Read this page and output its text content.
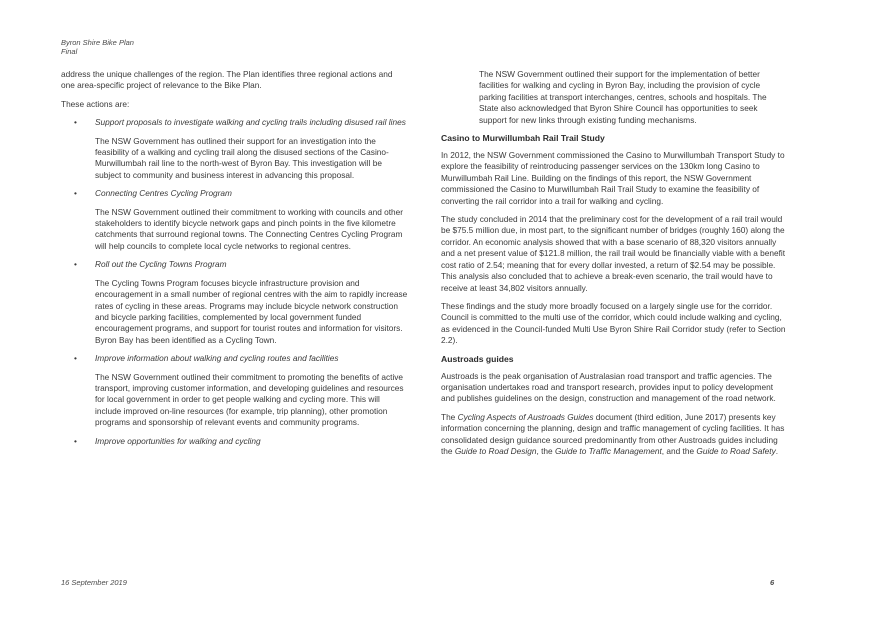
Byron Shire Bike Plan
Final

address the unique challenges of the region. The Plan identifies three regional actions and one area-specific project of relevance to the Bike Plan.

These actions are:

• Support proposals to investigate walking and cycling trails including disused rail lines

The NSW Government has outlined their support for an investigation into the feasibility of a walking and cycling trail along the disused sections of the Casino-Murwillumbah rail line to the north-west of Byron Bay. This investigation will be subject to community and business interest in advancing this proposal.

• Connecting Centres Cycling Program

The NSW Government outlined their commitment to working with councils and other stakeholders to identify bicycle network gaps and pinch points in the five kilometre catchments that surround regional towns. The Connecting Centres Cycling Program will help councils to complete local cycle networks to regional centres.

• Roll out the Cycling Towns Program

The Cycling Towns Program focuses bicycle infrastructure provision and encouragement in a small number of regional centres with the aim to rapidly increase rates of cycling in these areas. Programs may include bicycle network construction and bicycle parking facilities, complemented by local government funded encouragement programs, and support for tourist routes and information for visitors. Byron Bay has been identified as a Cycling Town.

• Improve information about walking and cycling routes and facilities

The NSW Government outlined their commitment to promoting the benefits of active transport, improving customer information, and developing guidelines and resources for local government in order to get people walking and cycling more. This will include improved on-line resources (for example, trip planning), other promotion programs and sponsorship of relevant events and community programs.

• Improve opportunities for walking and cycling

The NSW Government outlined their support for the implementation of better facilities for walking and cycling in Byron Bay, including the provision of cycle parking facilities at transport interchanges, centres, schools and hospitals. The State also acknowledged that Byron Shire Council has opportunities to seek support for new links through existing funding mechanisms.

Casino to Murwillumbah Rail Trail Study

In 2012, the NSW Government commissioned the Casino to Murwillumbah Transport Study to explore the feasibility of reintroducing passenger services on the 130km long Casino to Murwillumbah Rail Line. Building on the findings of this report, the NSW Government commissioned the Casino to Murwillumbah Rail Trail Study to examine the feasibility of converting the rail corridor into a trail for walking and cycling.

The study concluded in 2014 that the preliminary cost for the development of a rail trail would be $75.5 million due, in most part, to the significant number of bridges (roughly 160) along the corridor. An economic analysis showed that with a base scenario of 88,320 visitors annually and a net present value of $121.8 million, the rail trail would be financially viable with a benefit cost ratio of 2.54; meaning that for every dollar invested, a return of $2.54 may be possible. This analysis also concluded that to achieve a break-even scenario, the trail would have to receive at least 34,802 visitors annually.

These findings and the study more broadly focused on a largely single use for the corridor. Council is committed to the multi use of the corridor, which could include walking and cycling, as evidenced in the Council-funded Multi Use Byron Shire Rail Corridor study (refer to Section 2.2).

Austroads guides

Austroads is the peak organisation of Australasian road transport and traffic agencies. The organisation undertakes road and transport research, provides input to policy development and publishes guidelines on the design, construction and management of the road network.

The Cycling Aspects of Austroads Guides document (third edition, June 2017) presents key information concerning the planning, design and traffic management of cycling facilities. It has consolidated design guidance sourced predominantly from other Austroads guides including the Guide to Road Design, the Guide to Traffic Management, and the Guide to Road Safety.

16 September 2019	6
